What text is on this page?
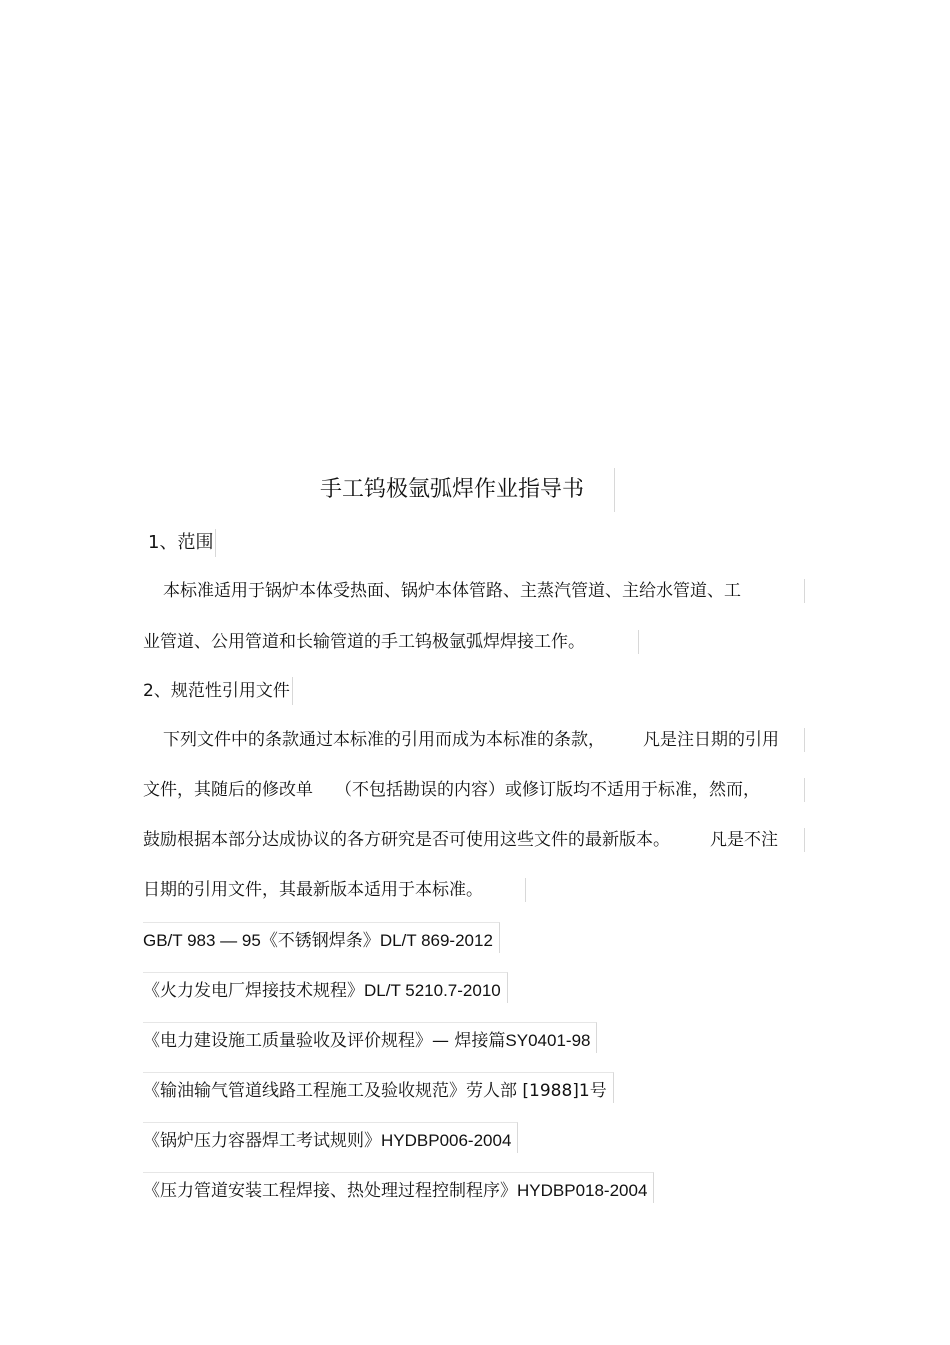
手工钨极氩弧焊作业指导书
1、范围
本标准适用于锅炉本体受热面、锅炉本体管路、主蒸汽管道、主给水管道、工
业管道、公用管道和长输管道的手工钨极氩弧焊焊接工作。
2、规范性引用文件
下列文件中的条款通过本标准的引用而成为本标准的条款， 凡是注日期的引用
文件，其随后的修改单 （不包括勘误的内容）或修订版均不适用于标准，然而，
鼓励根据本部分达成协议的各方研究是否可使用这些文件的最新版本。 凡是不注
日期的引用文件，其最新版本适用于本标准。
GB/T 983 — 95《不锈钢焊条》DL/T 869-2012
《火力发电厂焊接技术规程》DL/T 5210.7-2010
《电力建设施工质量验收及评价规程》— 焊接篇SY0401-98
《输油输气管道线路工程施工及验收规范》劳人部 [1988]1号
《锅炉压力容器焊工考试规则》HYDBP006-2004
《压力管道安装工程焊接、热处理过程控制程序》HYDBP018-2004
